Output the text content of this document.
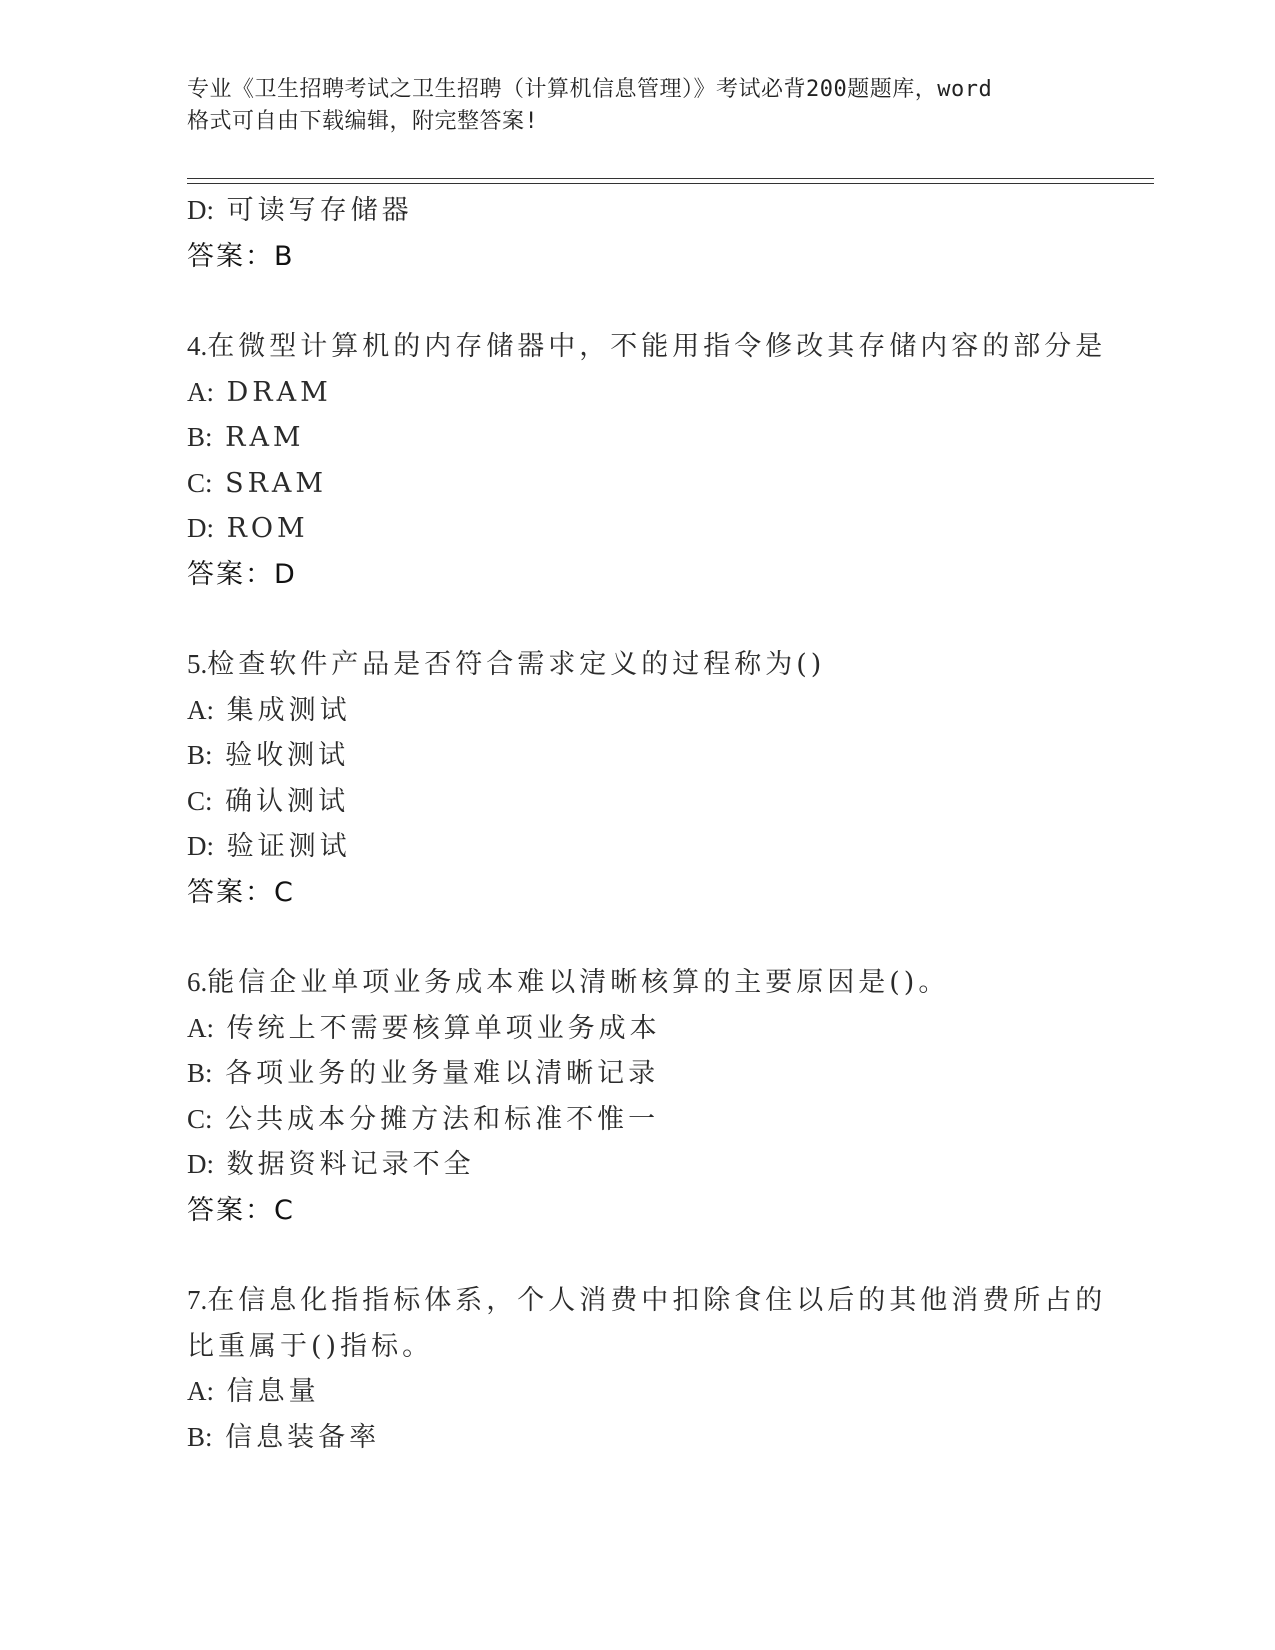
专业《卫生招聘考试之卫生招聘（计算机信息管理）》考试必背200题题库，word
格式可自由下载编辑，附完整答案!
D: 可读写存储器
答案：B
4.在微型计算机的内存储器中，不能用指令修改其存储内容的部分是
A: DRAM
B: RAM
C: SRAM
D: ROM
答案：D
5.检查软件产品是否符合需求定义的过程称为()
A: 集成测试
B: 验收测试
C: 确认测试
D: 验证测试
答案：C
6.能信企业单项业务成本难以清晰核算的主要原因是()。
A: 传统上不需要核算单项业务成本
B: 各项业务的业务量难以清晰记录
C: 公共成本分摊方法和标准不惟一
D: 数据资料记录不全
答案：C
7.在信息化指指标体系，个人消费中扣除食住以后的其他消费所占的
比重属于()指标。
A: 信息量
B: 信息装备率
